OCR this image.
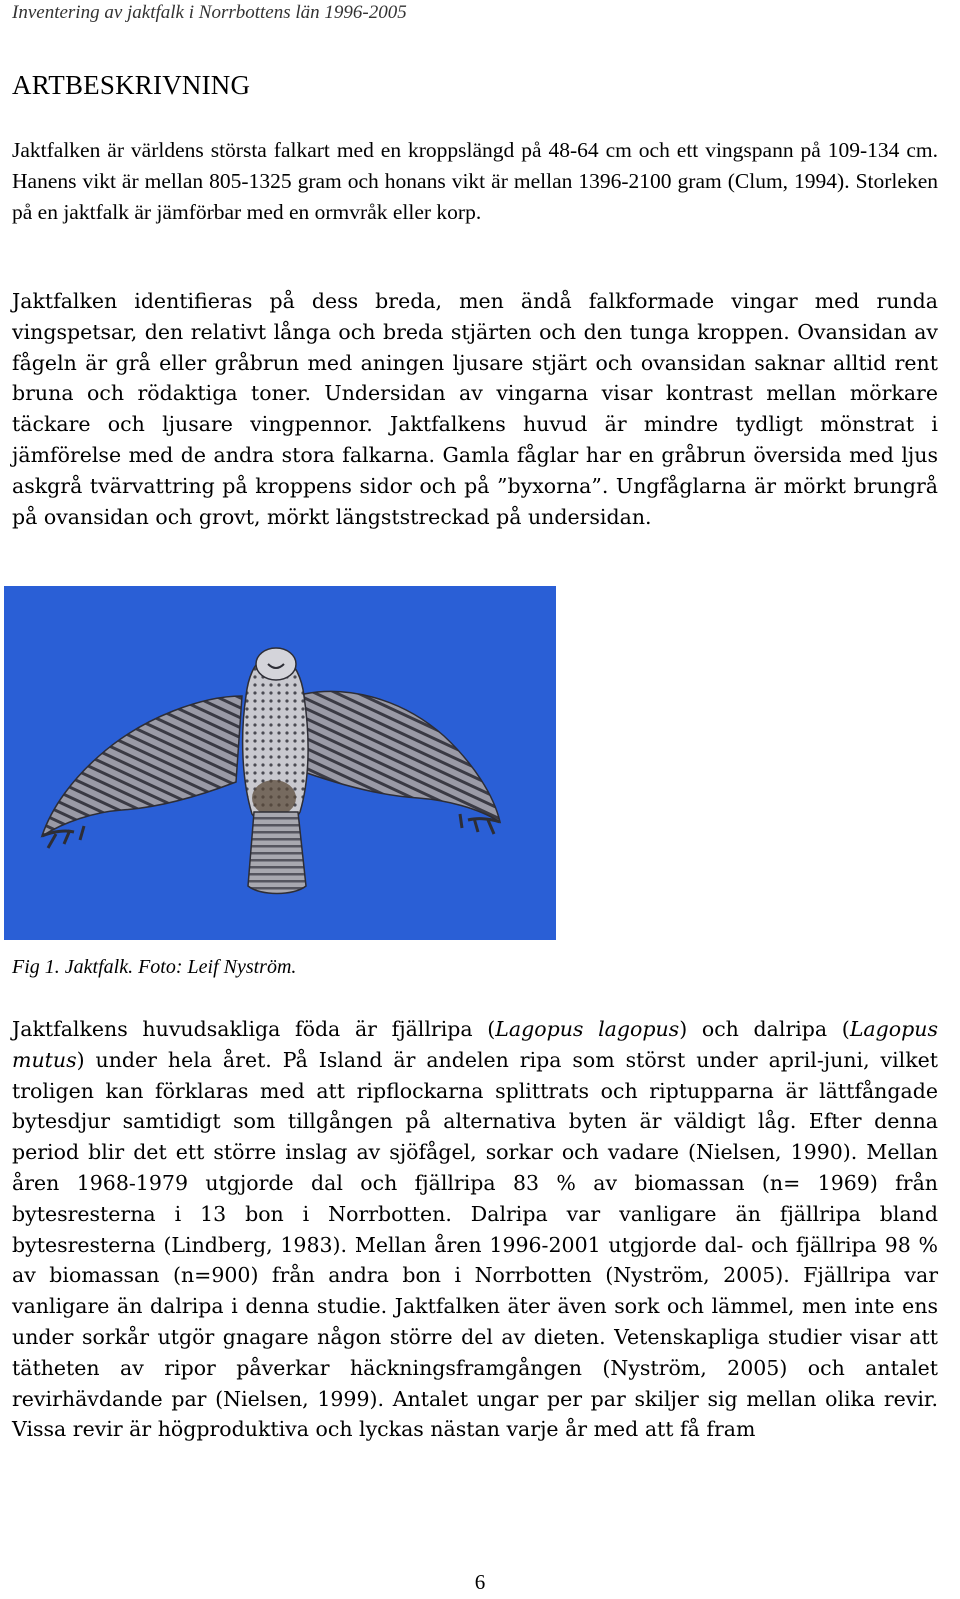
Inventering av jaktfalk i Norrbottens län 1996-2005
ARTBESKRIVNING

Jaktfalken är världens största falkart med en kroppslängd på 48-64 cm och ett vingspann på 109-134 cm. Hanens vikt är mellan 805-1325 gram och honans vikt är mellan 1396-2100 gram (Clum, 1994). Storleken på en jaktfalk är jämförbar med en ormvråk eller korp.

Jaktfalken identifieras på dess breda, men ändå falkformade vingar med runda vingspetsar, den relativt långa och breda stjärten och den tunga kroppen. Ovansidan av fågeln är grå eller gråbrun med aningen ljusare stjärt och ovansidan saknar alltid rent bruna och rödaktiga toner. Undersidan av vingarna visar kontrast mellan mörkare täckare och ljusare vingpennor. Jaktfalkens huvud är mindre tydligt mönstrat i jämförelse med de andra stora falkarna. Gamla fåglar har en gråbrun översida med ljus askgrå tvärvattring på kroppens sidor och på ”byxorna”. Ungfåglarna är mörkt brungrå på ovansidan och grovt, mörkt längststreckad på undersidan.

Fig 1. Jaktfalk. Foto: Leif Nyström.

Jaktfalkens huvudsakliga föda är fjällripa (Lagopus lagopus) och dalripa (Lagopus mutus) under hela året. På Island är andelen ripa som störst under april-juni, vilket troligen kan förklaras med att ripflockarna splittrats och riptupparna är lättfångade bytesdjur samtidigt som tillgången på alternativa byten är väldigt låg. Efter denna period blir det ett större inslag av sjöfågel, sorkar och vadare (Nielsen, 1990). Mellan åren 1968-1979 utgjorde dal och fjällripa 83 % av biomassan (n= 1969) från bytesresterna i 13 bon i Norrbotten. Dalripa var vanligare än fjällripa bland bytesresterna (Lindberg, 1983). Mellan åren 1996-2001 utgjorde dal- och fjällripa 98 % av biomassan (n=900) från andra bon i Norrbotten (Nyström, 2005). Fjällripa var vanligare än dalripa i denna studie. Jaktfalken äter även sork och lämmel, men inte ens under sorkår utgör gnagare någon större del av dieten. Vetenskapliga studier visar att tätheten av ripor påverkar häckningsframgången (Nyström, 2005) och antalet revirhävdande par (Nielsen, 1999). Antalet ungar per par skiljer sig mellan olika revir. Vissa revir är högproduktiva och lyckas nästan varje år med att få fram

6
